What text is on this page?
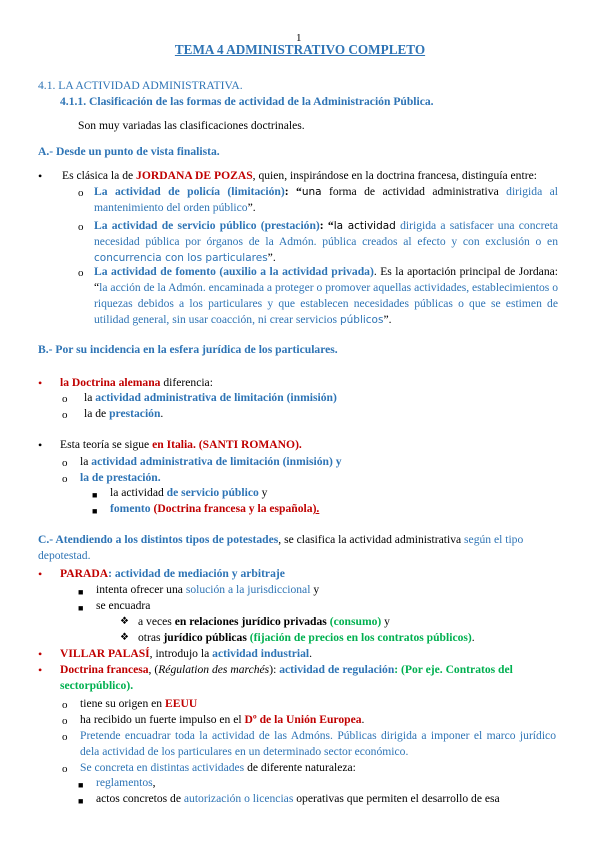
1
TEMA 4 ADMINISTRATIVO COMPLETO
4.1. LA ACTIVIDAD ADMINISTRATIVA.
4.1.1. Clasificación de las formas de actividad de la Administración Pública.
Son muy variadas las clasificaciones doctrinales.
A.- Desde un punto de vista finalista.
• Es clásica la de JORDANA DE POZAS, quien, inspirándose en la doctrina francesa, distinguía entre:
o La actividad de policía (limitación): “una forma de actividad administrativa dirigida al mantenimiento del orden público”.
o La actividad de servicio público (prestación): “la actividad dirigida a satisfacer una concreta necesidad pública por órganos de la Admón. pública creados al efecto y con exclusión o en concurrencia con los particulares”.
o La actividad de fomento (auxilio a la actividad privada). Es la aportación principal de Jordana: “la acción de la Admón. encaminada a proteger o promover aquellas actividades, establecimientos o riquezas debidos a los particulares y que establecen necesidades públicas o que se estimen de utilidad general, sin usar coacción, ni crear servicios públicos”.
B.- Por su incidencia en la esfera jurídica de los particulares.
• la Doctrina alemana diferencia:
o la actividad administrativa de limitación (inmisión)
o la de prestación.
• Esta teoría se sigue en Italia. (SANTI ROMANO).
o la actividad administrativa de limitación (inmisión) y
o la de prestación.
■ la actividad de servicio público y
■ fomento (Doctrina francesa y la española).
C.- Atendiendo a los distintos tipos de potestades, se clasifica la actividad administrativa según el tipo depotestad.
• PARADA: actividad de mediación y arbitraje
■ intenta ofrecer una solución a la jurisdiccional y
■ se encuadra
❖ a veces en relaciones jurídico privadas (consumo) y
❖ otras jurídico públicas (fijación de precios en los contratos públicos).
• VILLAR PALASÍ, introdujo la actividad industrial.
• Doctrina francesa, (Régulation des marchés): actividad de regulación: (Por eje. Contratos del sectorpúblico).
o tiene su origen en EEUU
o ha recibido un fuerte impulso en el Dº de la Unión Europea.
o Pretende encuadrar toda la actividad de las Admóns. Públicas dirigida a imponer el marco jurídico dela actividad de los particulares en un determinado sector económico.
o Se concreta en distintas actividades de diferente naturaleza:
■ reglamentos,
■ actos concretos de autorización o licencias operativas que permiten el desarrollo de esa
